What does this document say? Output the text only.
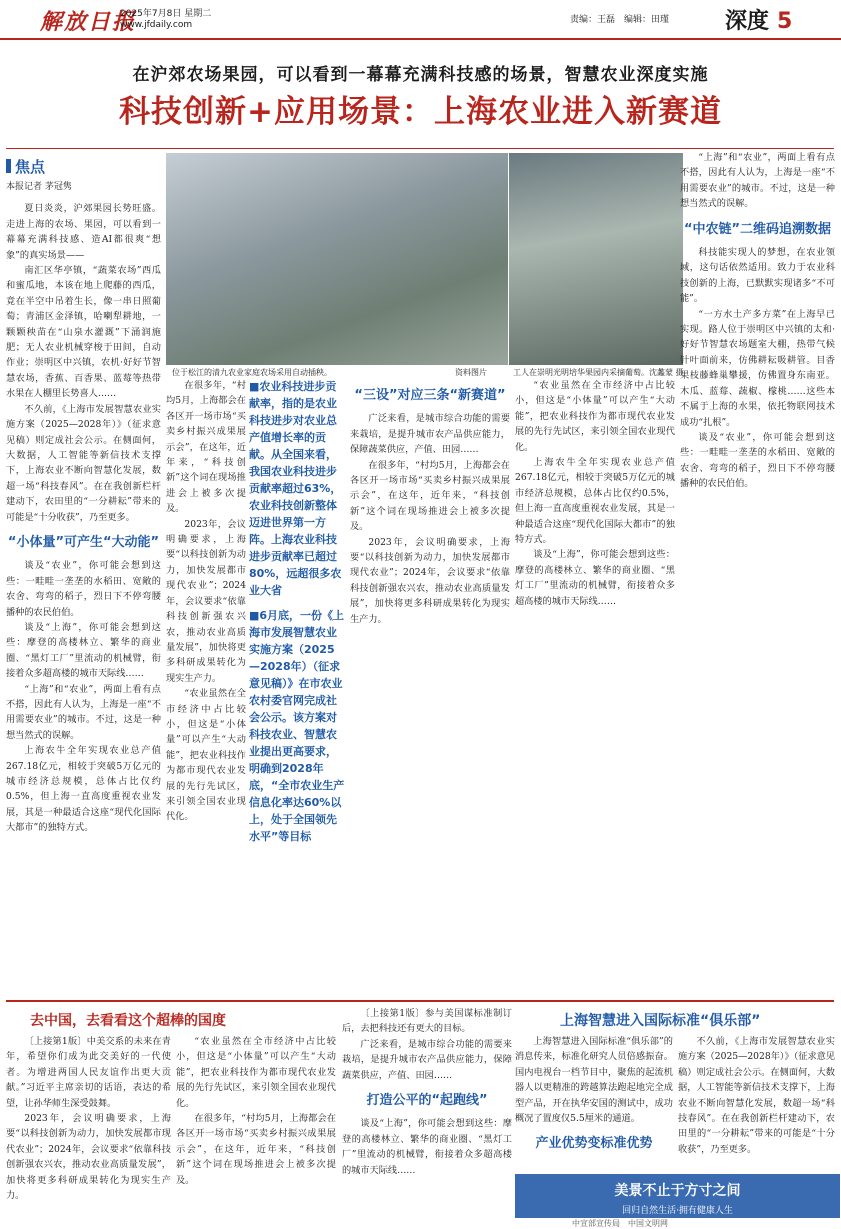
解放日报
2025年7月8日 星期二
www.jfdaily.com	责编：王磊　编辑：田瑾	深度 5
在沪郊农场果园，可以看到一幕幕充满科技感的场景，智慧农业深度实施
科技创新+应用场景：上海农业进入新赛道
焦点
位于松江的清九农业家庭农场采用自动插秧。	资料图片	工人在崇明光明培华果园内采摘葡萄。沈蠡蒙 摄

本报记者 茅冠隽

夏日炎炎，沪郊果园长势旺盛。走进上海的农场、果园，可以看到一幕幕充满科技感、造AI都很爽“想象”的真实场景——

南汇区华亭镇，“蔬菜农场”西瓜和蜜瓜地，本该在地上爬藤的西瓜，竟在半空中吊着生长，像一串日照葡萄；青浦区金泽镇，哈喇犁耕地，一颗颗秧苗在“山泉水灌溉”下涌润施肥；无人农业机械穿梭于田间，自动作业；崇明区中兴镇，农机·好好节智慧农场，香蕉、百香果、蓝莓等热带水果在人棚里长势喜人……

不久前，《上海市发展智慧农业实施方案（2025—2028年）》（征求意见稿）则定成社会公示。在侧面何，大数据，人工智能等新信技术支撑下，上海农业不断向智慧化发展，数超一场“科技春风”。在在我创新栏杆建动下，农田里的“一分耕耘”带来的可能是“十分收获”，乃至更多。

“小体量”可产生“大动能”

谈及“农业”，你可能会想到这些：一畦畦一垄垄的水稻田、宽敞的农舍、弯弯的稻子，烈日下不停弯腰播种的农民伯伯。

谈及“上海”，你可能会想到这些：摩登的高楼林立、繁华的商业圈、“黑灯工厂”里流动的机械臂，衔接着众多超高楼的城市天际线……

“上海”和“农业”，两面上看有点不搭，因此有人认为，上海是一座“不用需要农业”的城市。不过，这是一种想当然式的误解。

上海农牛全年实现农业总产值267.18亿元，相较于突破5万亿元的城市经济总规模，总体占比仅约0.5%，但上海一直高度重视农业发展，其是一种最适合这座“现代化国际大都市”的独特方式。

在很多年，“村均5月，上海都会在各区开一场市场“买卖乡村振兴成果展示会”，在这年，近年来，“科技创新”这个词在现场推进会上被多次提及。

2023年，会议明确要求，上海要“以科技创新为动力，加快发展都市现代农业”；2024年，会议要求“依靠科技创新强农兴农，推动农业高质量发展”，加快将更多科研成果转化为现实生产力。

“农业虽然在全市经济中占比较小，但这是“小体量”可以产生“大动能”，把农业科技作为都市现代农业发展的先行先试区，来引领全国农业现代化。

■农业科技进步贡献率，指的是农业科技进步对农业总产值增长率的贡献。从全国来看，我国农业科技进步贡献率超过63%，农业科技创新整体迈进世界第一方阵。上海农业科技进步贡献率已超过80%，远超很多农业大省

■6月底，一份《上海市发展智慧农业实施方案（2025—2028年）（征求意见稿）》在市农业农村委官网完成社会公示。该方案对科技农业、智慧农业提出更高要求，明确到2028年底，“全市农业生产信息化率达60%以上，处于全国领先水平”等目标

“三设”对应三条“新赛道”

广泛来看，是城市综合功能的需要来栽培，是提升城市农产品供应能力，保障蔬菜供应，产值、田园……

在很多年，“村均5月，上海都会在各区开一场市场“买卖乡村振兴成果展示会”，在这年，近年来，“科技创新”这个词在现场推进会上被多次提及。

2023年，会议明确要求，上海要“以科技创新为动力，加快发展都市现代农业”；2024年，会议要求“依靠科技创新强农兴农，推动农业高质量发展”，加快将更多科研成果转化为现实生产力。

“农业虽然在全市经济中占比较小，但这是“小体量”可以产生“大动能”，把农业科技作为都市现代农业发展的先行先试区，来引领全国农业现代化。

上海农牛全年实现农业总产值267.18亿元，相较于突破5万亿元的城市经济总规模，总体占比仅约0.5%，但上海一直高度重视农业发展，其是一种最适合这座“现代化国际大都市”的独特方式。

谈及“上海”，你可能会想到这些：摩登的高楼林立、繁华的商业圈、“黑灯工厂”里流动的机械臂，衔接着众多超高楼的城市天际线……

“上海”和“农业”，两面上看有点不搭，因此有人认为，上海是一座“不用需要农业”的城市。不过，这是一种想当然式的误解。

“中农链”二维码追溯数据

科技能实现人的梦想，在农业领域，这句话依然适用。致力于农业科技创新的上海，已默默实现诸多“不可能”。

“一方水土产多方菜”在上海早已实现。路人位于崇明区中兴镇的太和·好好节智慧农场题室大棚，热带气候针叶面前来，仿佛耕耘吸耕管。目香果枝藤蜂巢攀援，仿佛置身东南亚。木瓜、蓝莓、蔬椒、檬桃……这些本不属于上海的水果，依托物联网技术成功“扎根”。

谈及“农业”，你可能会想到这些：一畦畦一垄垄的水稻田、宽敞的农舍、弯弯的稻子，烈日下不停弯腰播种的农民伯伯。

去中国，去看看这个超棒的国度

〔上接第1版〕中美交系的未来在青年，希望你们成为此交美好的一代使者。为增进两国人民友谊作出更大贡献。”习近平主席亲切的话语，表达的希望，让孙华师生深受鼓舞。

2023年，会议明确要求，上海要“以科技创新为动力，加快发展都市现代农业”；2024年，会议要求“依靠科技创新强农兴农，推动农业高质量发展”，加快将更多科研成果转化为现实生产力。

“农业虽然在全市经济中占比较小，但这是“小体量”可以产生“大动能”，把农业科技作为都市现代农业发展的先行先试区，来引领全国农业现代化。

在很多年，“村均5月，上海都会在各区开一场市场“买卖乡村振兴成果展示会”，在这年，近年来，“科技创新”这个词在现场推进会上被多次提及。

〔上接第1版〕参与美国谋标准制订后，去把科技还有更大的目标。

广泛来看，是城市综合功能的需要来栽培，是提升城市农产品供应能力，保障蔬菜供应，产值、田园……

打造公平的“起跑线”

谈及“上海”，你可能会想到这些：摩登的高楼林立、繁华的商业圈、“黑灯工厂”里流动的机械臂，衔接着众多超高楼的城市天际线……

上海智慧进入国际标准“俱乐部”

上海智慧进入国际标准“俱乐部”的消息传来，标准化研究人员倍感振奋。国内电视台一档节目中，聚焦的起流机器人以更精准的跨越算法跑起地完全成型产品，开在执华安国的测试中，成功概况了置度仅5.5厘米的通道。

产业优势变标准优势

不久前，《上海市发展智慧农业实施方案（2025—2028年）》（征求意见稿）则定成社会公示。在侧面何，大数据，人工智能等新信技术支撑下，上海农业不断向智慧化发展，数超一场“科技春风”。在在我创新栏杆建动下，农田里的“一分耕耘”带来的可能是“十分收获”，乃至更多。

美景不止于方寸之间
回归自然生活·拥有健康人生
中宣部宣传局　中国文明网
